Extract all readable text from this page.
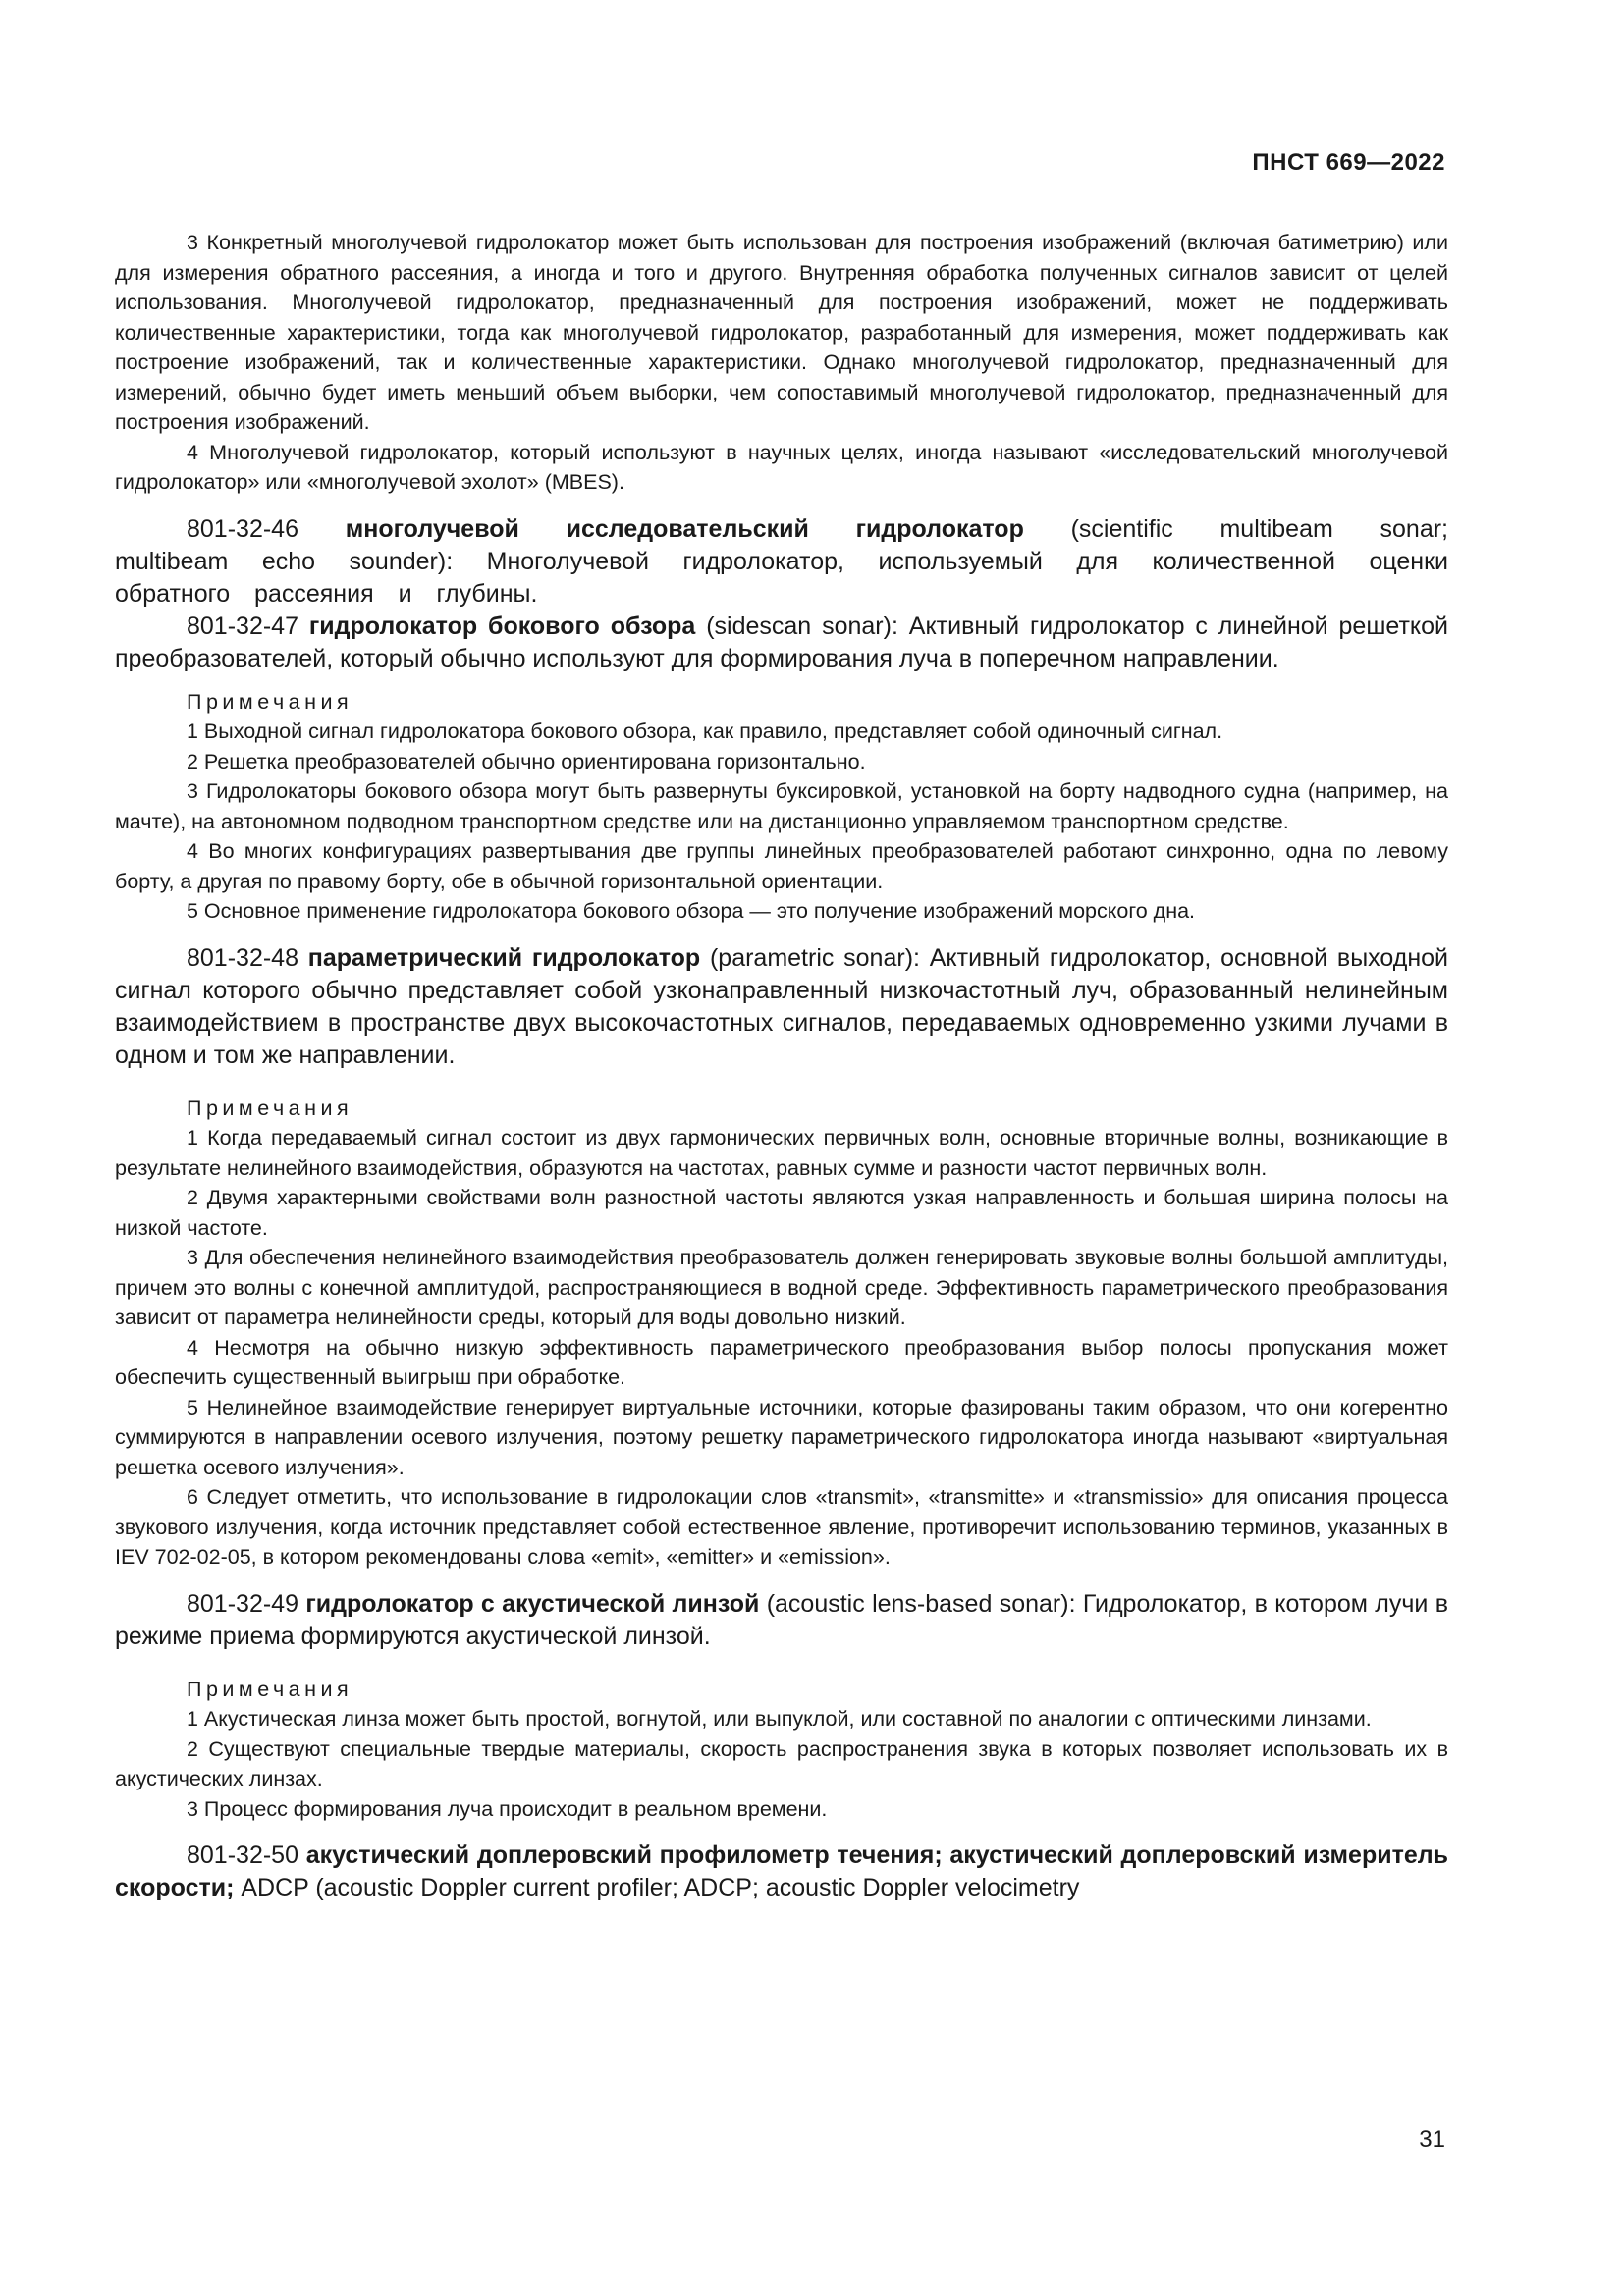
ПНСТ 669—2022

3 Конкретный многолучевой гидролокатор может быть использован для построения изображений (включая батиметрию) или для измерения обратного рассеяния, а иногда и того и другого. Внутренняя обработка полученных сигналов зависит от целей использования. Многолучевой гидролокатор, предназначенный для построения изображений, может не поддерживать количественные характеристики, тогда как многолучевой гидролокатор, разработанный для измерения, может поддерживать как построение изображений, так и количественные характеристики. Однако многолучевой гидролокатор, предназначенный для измерений, обычно будет иметь меньший объем выборки, чем сопоставимый многолучевой гидролокатор, предназначенный для построения изображений.

4 Многолучевой гидролокатор, который используют в научных целях, иногда называют «исследовательский многолучевой гидролокатор» или «многолучевой эхолот» (MBES).

801-32-46 многолучевой исследовательский гидролокатор (scientific multibeam sonar; multibeam echo sounder): Многолучевой гидролокатор, используемый для количественной оценки обратного рассеяния и глубины.

801-32-47 гидролокатор бокового обзора (sidescan sonar): Активный гидролокатор с линейной решеткой преобразователей, который обычно используют для формирования луча в поперечном направлении.

Примечания

1 Выходной сигнал гидролокатора бокового обзора, как правило, представляет собой одиночный сигнал.

2 Решетка преобразователей обычно ориентирована горизонтально.

3 Гидролокаторы бокового обзора могут быть развернуты буксировкой, установкой на борту надводного судна (например, на мачте), на автономном подводном транспортном средстве или на дистанционно управляемом транспортном средстве.

4 Во многих конфигурациях развертывания две группы линейных преобразователей работают синхронно, одна по левому борту, а другая по правому борту, обе в обычной горизонтальной ориентации.

5 Основное применение гидролокатора бокового обзора — это получение изображений морского дна.

801-32-48 параметрический гидролокатор (parametric sonar): Активный гидролокатор, основной выходной сигнал которого обычно представляет собой узконаправленный низкочастотный луч, образованный нелинейным взаимодействием в пространстве двух высокочастотных сигналов, передаваемых одновременно узкими лучами в одном и том же направлении.

Примечания

1 Когда передаваемый сигнал состоит из двух гармонических первичных волн, основные вторичные волны, возникающие в результате нелинейного взаимодействия, образуются на частотах, равных сумме и разности частот первичных волн.

2 Двумя характерными свойствами волн разностной частоты являются узкая направленность и большая ширина полосы на низкой частоте.

3 Для обеспечения нелинейного взаимодействия преобразователь должен генерировать звуковые волны большой амплитуды, причем это волны с конечной амплитудой, распространяющиеся в водной среде. Эффективность параметрического преобразования зависит от параметра нелинейности среды, который для воды довольно низкий.

4 Несмотря на обычно низкую эффективность параметрического преобразования выбор полосы пропускания может обеспечить существенный выигрыш при обработке.

5 Нелинейное взаимодействие генерирует виртуальные источники, которые фазированы таким образом, что они когерентно суммируются в направлении осевого излучения, поэтому решетку параметрического гидролокатора иногда называют «виртуальная решетка осевого излучения».

6 Следует отметить, что использование в гидролокации слов «transmit», «transmitte» и «transmissio» для описания процесса звукового излучения, когда источник представляет собой естественное явление, противоречит использованию терминов, указанных в IEV 702-02-05, в котором рекомендованы слова «emit», «emitter» и «emission».

801-32-49 гидролокатор с акустической линзой (acoustic lens-based sonar): Гидролокатор, в котором лучи в режиме приема формируются акустической линзой.

Примечания

1 Акустическая линза может быть простой, вогнутой, или выпуклой, или составной по аналогии с оптическими линзами.

2 Существуют специальные твердые материалы, скорость распространения звука в которых позволяет использовать их в акустических линзах.

3 Процесс формирования луча происходит в реальном времени.

801-32-50 акустический доплеровский профилометр течения; акустический доплеровский измеритель скорости; ADCP (acoustic Doppler current profiler; ADCP; acoustic Doppler velocimetry

31
